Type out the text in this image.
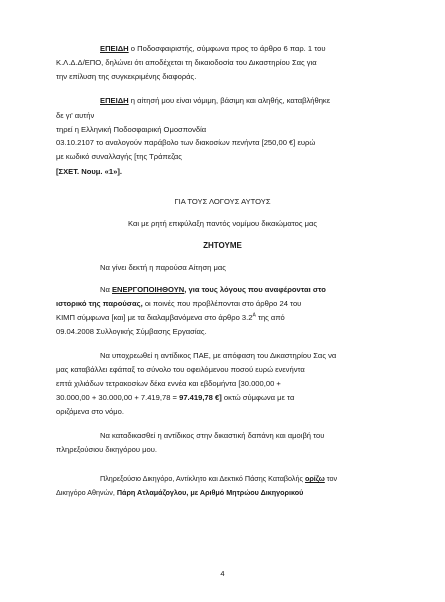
ΕΠΕΙΔΗ ο Ποδοσφαιριστής, σύμφωνα προς το άρθρο 6 παρ. 1 του
Κ.Λ.Δ.Δ/ΕΠΟ, δηλώνει ότι αποδέχεται τη δικαιοδοσία του Δικαστηρίου Σας για
την επίλυση της συγκεκριμένης διαφοράς.
ΕΠΕΙΔΗ η αίτησή μου είναι νόμιμη, βάσιμη και αληθής, καταβλήθηκε
δε γι' αυτήν
τηρεί η Ελληνική Ποδοσφαιρική Ομοσπονδία
03.10.2107 το αναλογούν παράβολο των διακοσίων πενήντα [250,00 €] ευρώ
με κωδικό συναλλαγής [της Τράπεζας
[ΣΧΕΤ. Νουμ. «1»].
ΓΙΑ ΤΟΥΣ ΛΟΓΟΥΣ ΑΥΤΟΥΣ
Και με ρητή επιφύλαξη παντός νομίμου δικαιώματος μας
ΖΗΤΟΥΜΕ
Να γίνει δεκτή η παρούσα Αίτηση μας
Να ΕΝΕΡΓΟΠΟΙΗΘΟΥΝ, για τους λόγους που αναφέρονται στο
ιστορικό της παρούσας, οι ποινές που προβλέπονται στο άρθρο 24 του
ΚΙΜΠ σύμφωνα [και] με τα διαλαμβανόμενα στο άρθρο $3.2^A$ της από
09.04.2008 Συλλογικής Σύμβασης Εργασίας.
Να υποχρεωθεί η αντίδικος ΠΑΕ, με απόφαση του Δικαστηρίου Σας να
μας καταβάλλει εφάπαξ το σύνολο του οφειλόμενου ποσού ευρώ ενενήντα
επτά χιλιάδων τετρακοσίων δέκα εννέα και εβδομήντα [30.000,00 +
30.000,00 + 30.000,00 + 7.419,78 = 97.419,78 €] οκτώ σύμφωνα με τα
οριζόμενα στο νόμο.
Να καταδικασθεί η αντίδικος στην δικαστική δαπάνη και αμοιβή του
πληρεξούσιου δικηγόρου μου.
Πληρεξούσιο Δικηγόρο, Αντίκλητο και Δεκτικό Πάσης Καταβολής ορίζω τον
Δικηγόρο Αθηνών, Πάρη Ατλαμάζογλου, με Αριθμό Μητρώου Δικηγορικού
4
